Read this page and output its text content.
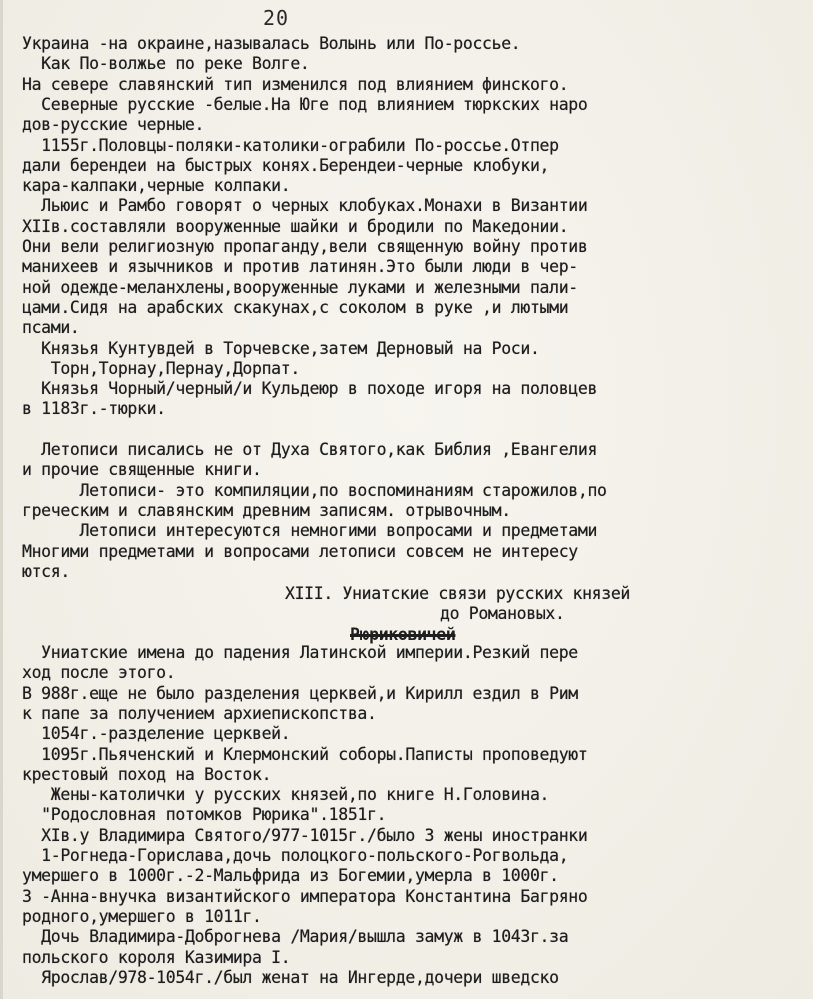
20
Украина -на окраине,называлась Волынь или По-россье.
Как По-волжье по реке Волге.
На севере славянский тип изменился под влиянием финского.
Северные русские -белые.На Юге под влиянием тюркских наро
дов-русские черные.
1155г.Половцы-поляки-католики-ограбили По-россье.Отпер
дали берендеи на быстрых конях.Берендеи-черные клобуки,
кара-калпаки,черные колпаки.
Льюис и Рамбо говорят о черных клобуках.Монахи в Византии
XIIв.составляли вооруженные шайки и бродили по Македонии.
Они вели религиозную пропаганду,вели священную войну против
манихеев и язычников и против латинян.Это были люди в чер-
ной одежде-меланхлены,вооруженные луками и железными пали-
цами.Сидя на арабских скакунах,с соколом в руке ,и лютыми
псами.
Князья Кунтувдей в Торчевске,затем Дерновый на Роси.
Торн,Торнау,Пернау,Дорпат.
Князья Чорный/черный/и Кульдеюр в походе игоря на половцев
в 1183г.-тюрки.
Летописи писались не от Духа Святого,как Библия ,Евангелия
и прочие священные книги.
Летописи- это компиляции,по воспоминаниям старожилов,по
греческим и славянским древним записям. отрывочным.
Летописи интересуются немногими вопросами и предметами
Многими предметами и вопросами летописи совсем не интересу
ются.
Униатские имена до падения Латинской империи.Резкий пере
ход после этого.
В 988г.еще не было разделения церквей,и Кирилл ездил в Рим
к папе за получением архиепископства.
1054г.-разделение церквей.
1095г.Пьяченский и Клермонский соборы.Паписты проповедуют
крестовый поход на Восток.
Жены-католички у русских князей,по книге Н.Головина.
"Родословная потомков Рюрика".1851г.
XIв.у Владимира Святого/977-1015г./было 3 жены иностранки
1-Рогнеда-Горислава,дочь полоцкого-польского-Рогвольда,
умершего в 1000г.-2-Мальфрида из Богемии,умерла в 1000г.
3 -Анна-внучка византийского императора Константина Багряно
родного,умершего в 1011г.
Дочь Владимира-Доброгнева /Мария/вышла замуж в 1043г.за
польского короля Казимира I.
Ярослав/978-1054г./был женат на Ингерде,дочери шведско
XIII. Униатские связи русских князей
до Романовых.
Рюриковичей
